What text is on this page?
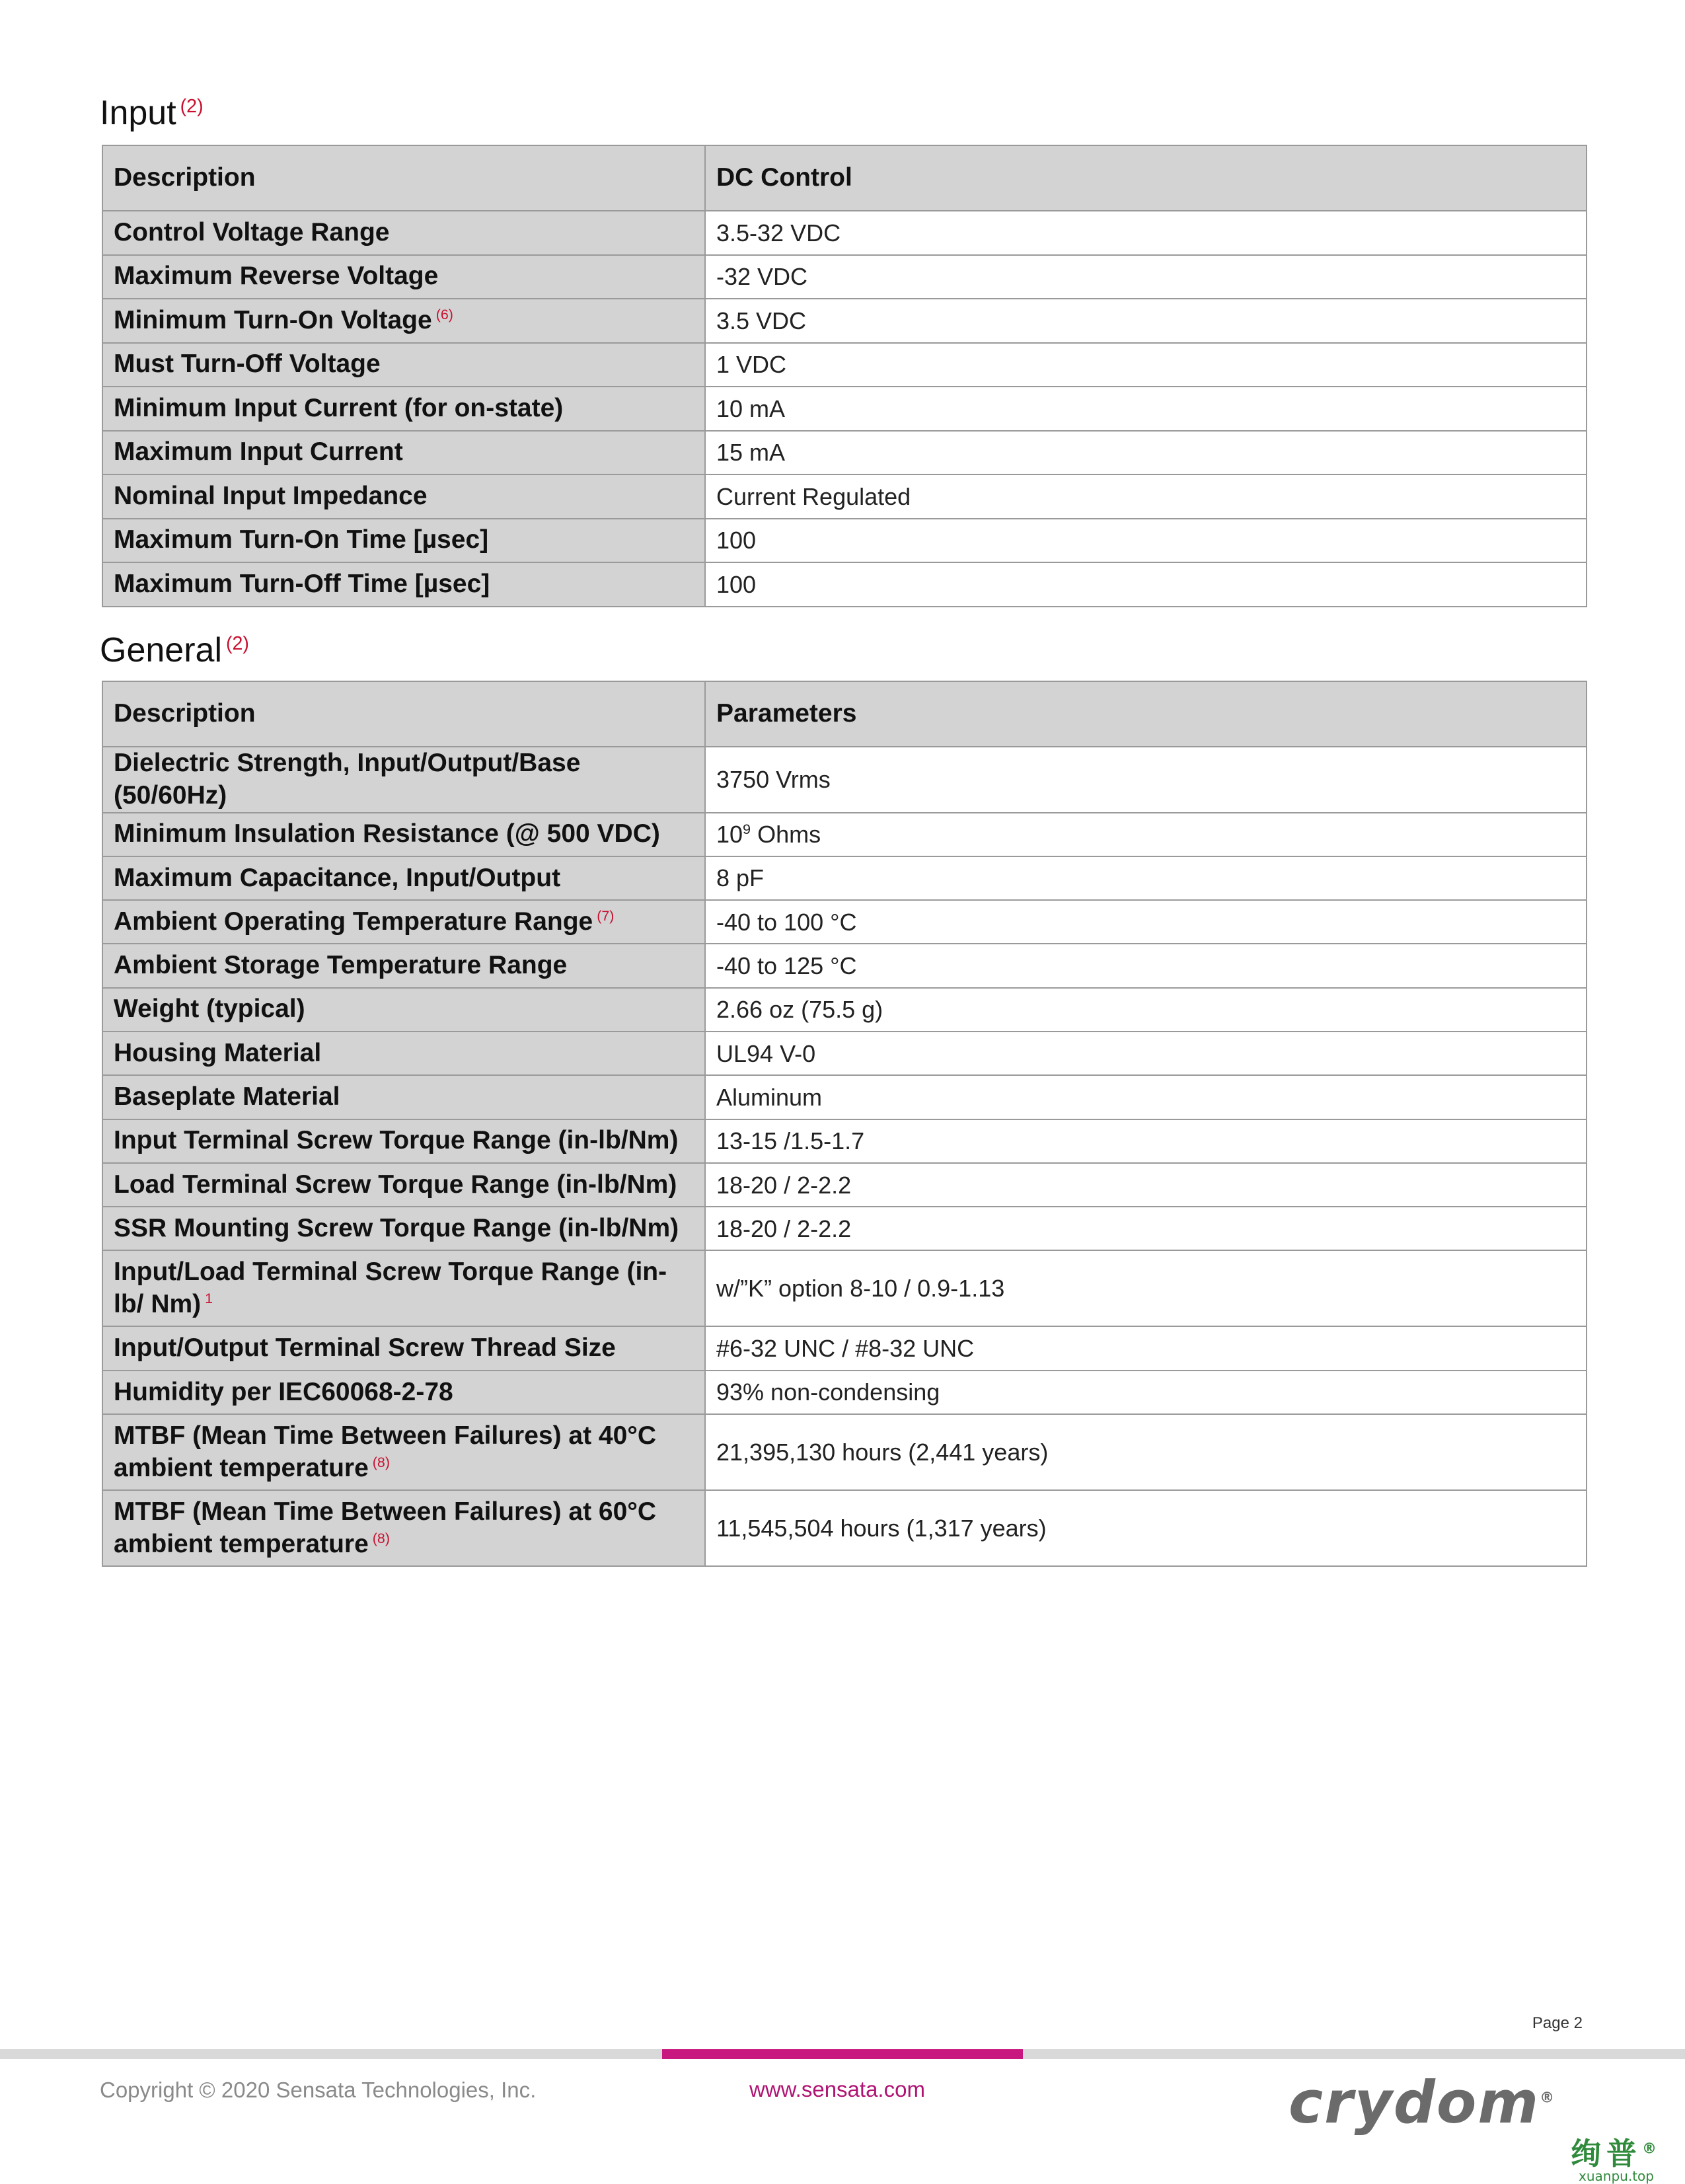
Input $^{(2)}$
Description	DC Control
Control Voltage Range	3.5-32 VDC
Maximum Reverse Voltage	-32 VDC
Minimum Turn-On Voltage $^{(6)}$	3.5 VDC
Must Turn-Off Voltage	1 VDC
Minimum Input Current (for on-state)	10 mA
Maximum Input Current	15 mA
Nominal Input Impedance	Current Regulated
Maximum Turn-On Time [µsec]	100
Maximum Turn-Off Time [µsec]	100
General $^{(2)}$
Description	Parameters
Dielectric Strength, Input/Output/Base (50/60Hz)	3750 Vrms
Minimum Insulation Resistance (@ 500 VDC)	$10^9$ Ohms
Maximum Capacitance, Input/Output	8 pF
Ambient Operating Temperature Range $^{(7)}$	-40 to 100 °C
Ambient Storage Temperature Range	-40 to 125 °C
Weight (typical)	2.66 oz (75.5 g)
Housing Material	UL94 V-0
Baseplate Material	Aluminum
Input Terminal Screw Torque Range (in-lb/Nm)	13-15 /1.5-1.7
Load Terminal Screw Torque Range (in-lb/Nm)	18-20 / 2-2.2
SSR Mounting Screw Torque Range (in-lb/Nm)	18-20 / 2-2.2
Input/Load Terminal Screw Torque Range (in-lb/ Nm) $^1$	w/”K” option 8-10 / 0.9-1.13
Input/Output Terminal Screw Thread Size	#6-32 UNC / #8-32 UNC
Humidity per IEC60068-2-78	93% non-condensing
MTBF (Mean Time Between Failures) at 40°C ambient temperature $^{(8)}$	21,395,130 hours (2,441 years)
MTBF (Mean Time Between Failures) at 60°C ambient temperature $^{(8)}$	11,545,504 hours (1,317 years)
Page 2
Copyright © 2020 Sensata Technologies, Inc.	www.sensata.com	crydom®
绚普®
xuanpu.top
